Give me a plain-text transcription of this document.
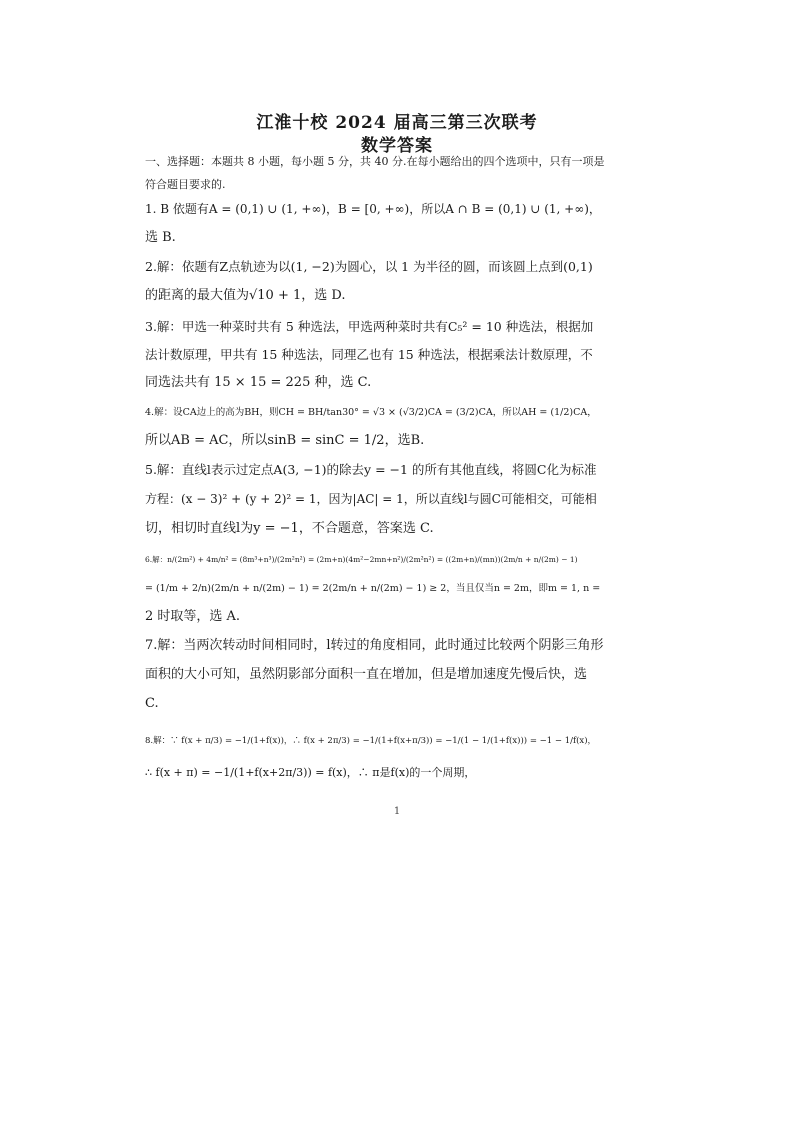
江淮十校 2024 届高三第三次联考
数学答案
一、选择题：本题共 8 小题，每小题 5 分，共 40 分.在每小题给出的四个选项中，只有一项是
符合题目要求的.
1. B 依题有A = (0,1) ∪ (1, +∞)，B = [0, +∞)，所以A ∩ B = (0,1) ∪ (1, +∞)，
选 B.
2.解：依题有Z点轨迹为以(1, −2)为圆心，以 1 为半径的圆，而该圆上点到(0,1)
的距离的最大值为√10 + 1，选 D.
3.解：甲选一种菜时共有 5 种选法，甲选两种菜时共有C₅² = 10 种选法，根据加
法计数原理，甲共有 15 种选法，同理乙也有 15 种选法，根据乘法计数原理，不
同选法共有 15 × 15 = 225 种，选 C.
4.解：设CA边上的高为BH，则CH = BH/tan30° = √3 × (√3/2)CA = (3/2)CA，所以AH = (1/2)CA，
所以AB = AC，所以sinB = sinC = 1/2，选B.
5.解：直线l表示过定点A(3, −1)的除去y = −1 的所有其他直线，将圆C化为标准
方程：(x − 3)² + (y + 2)² = 1，因为|AC| = 1，所以直线l与圆C可能相交，可能相
切，相切时直线l为y = −1，不合题意，答案选 C.
6.解：n/(2m²) + 4m/n² = (8m³+n³)/(2m²n²) = (2m+n)(4m²−2mn+n²)/(2m²n²) = ((2m+n)/(mn))(2m/n + n/(2m) − 1)
= (1/m + 2/n)(2m/n + n/(2m) − 1) = 2(2m/n + n/(2m) − 1) ≥ 2，当且仅当n = 2m，即m = 1, n =
2 时取等，选 A.
7.解：当两次转动时间相同时，l转过的角度相同，此时通过比较两个阴影三角形
面积的大小可知，虽然阴影部分面积一直在增加，但是增加速度先慢后快，选
C.
8.解：∵ f(x + π/3) = −1/(1+f(x))，∴ f(x + 2π/3) = −1/(1+f(x+π/3)) = −1/(1 − 1/(1+f(x))) = −1 − 1/f(x)，
∴ f(x + π) = −1/(1+f(x+2π/3)) = f(x)，∴ π是f(x)的一个周期，
1
